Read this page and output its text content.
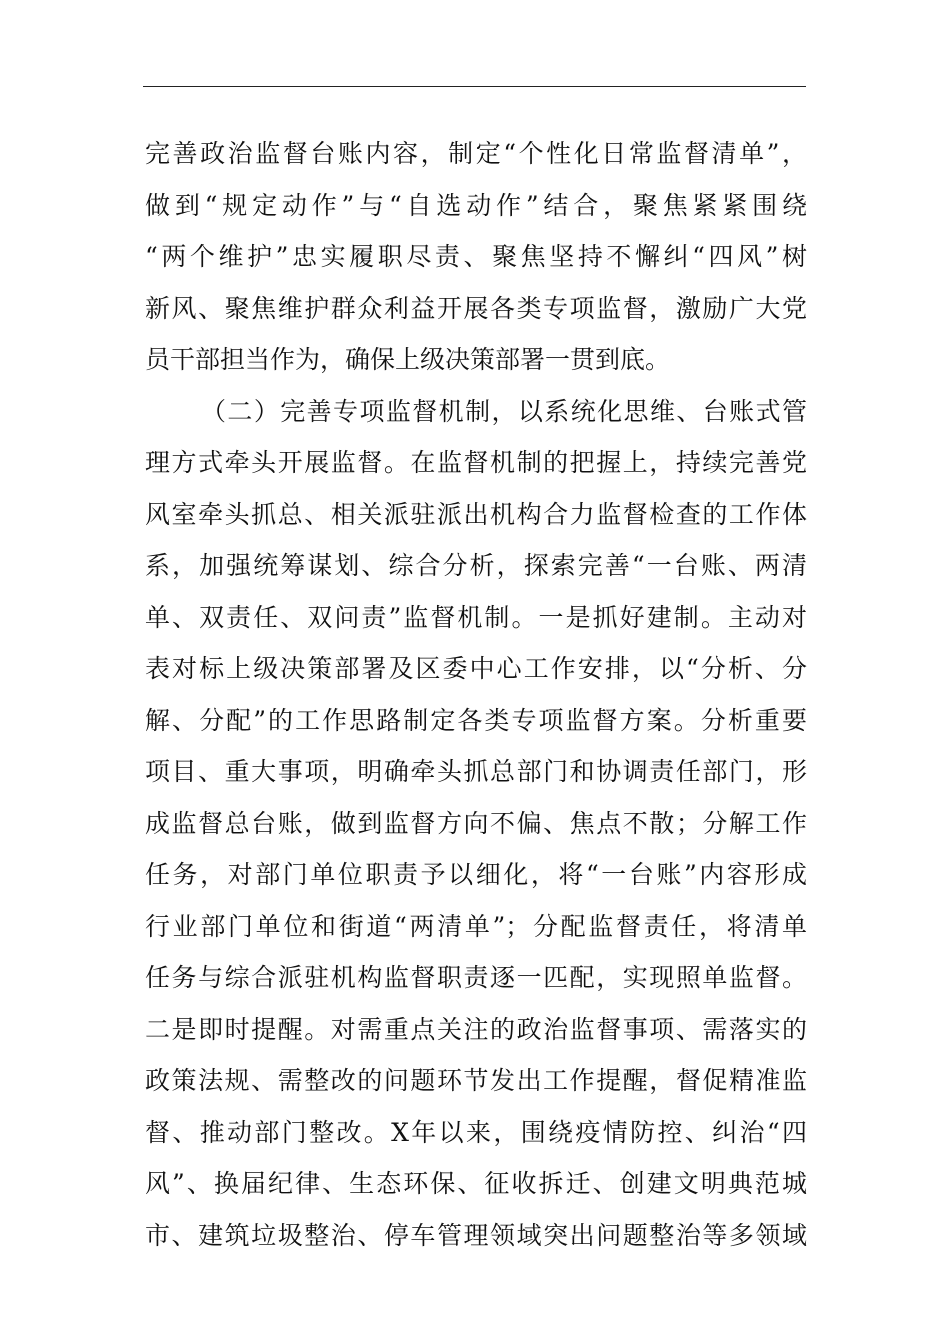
完善政治监督台账内容，制定“个性化日常监督清单”，
做到“规定动作”与“自选动作”结合，聚焦紧紧围绕
“两个维护”忠实履职尽责、聚焦坚持不懈纠“四风”树
新风、聚焦维护群众利益开展各类专项监督，激励广大党
员干部担当作为，确保上级决策部署一贯到底。
（二）完善专项监督机制，以系统化思维、台账式管
理方式牵头开展监督。在监督机制的把握上，持续完善党
风室牵头抓总、相关派驻派出机构合力监督检查的工作体
系，加强统筹谋划、综合分析，探索完善“一台账、两清
单、双责任、双问责”监督机制。一是抓好建制。主动对
表对标上级决策部署及区委中心工作安排，以“分析、分
解、分配”的工作思路制定各类专项监督方案。分析重要
项目、重大事项，明确牵头抓总部门和协调责任部门，形
成监督总台账，做到监督方向不偏、焦点不散；分解工作
任务，对部门单位职责予以细化，将“一台账”内容形成
行业部门单位和街道“两清单”；分配监督责任，将清单
任务与综合派驻机构监督职责逐一匹配，实现照单监督。
二是即时提醒。对需重点关注的政治监督事项、需落实的
政策法规、需整改的问题环节发出工作提醒，督促精准监
督、推动部门整改。X年以来，围绕疫情防控、纠治“四
风”、换届纪律、生态环保、征收拆迁、创建文明典范城
市、建筑垃圾整治、停车管理领域突出问题整治等多领域
